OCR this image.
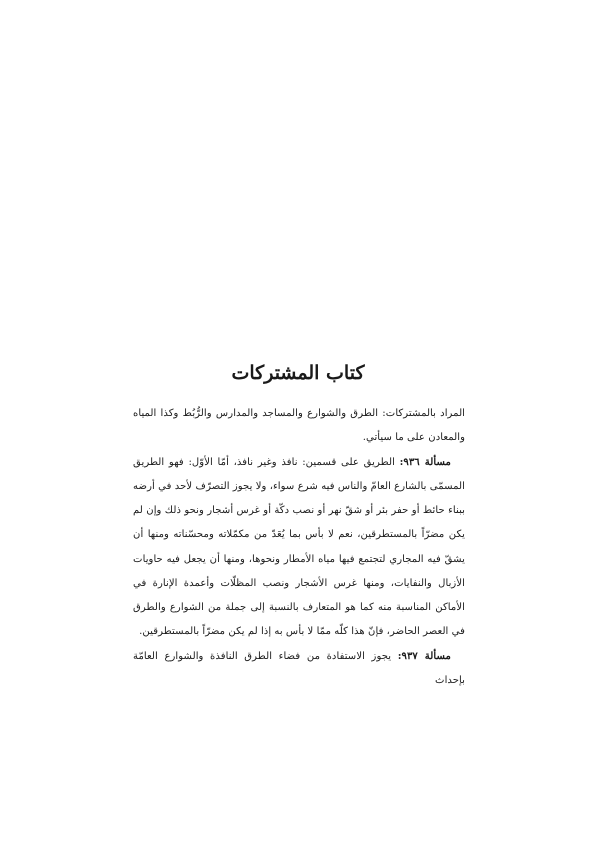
كتاب المشتركات

المراد بالمشتركات: الطرق والشوارع والمساجد والمدارس والرُّبُط وكذا المياه والمعادن على ما سيأتي.

مسألة ٩٣٦: الطريق على قسمين: نافذ وغير نافذ، أمّا الأوّل: فهو الطريق المسمّى بالشارع العامّ والناس فيه شرع سواء، ولا يجوز التصرّف لأحد في أرضه ببناء حائط أو حفر بئر أو شقّ نهر أو نصب دكّة أو غرس أشجار ونحو ذلك وإن لم يكن مضرّاً بالمستطرقين، نعم لا بأس بما يُعَدّ من مكمّلاته ومحسّناته ومنها أن يشقّ فيه المجاري لتجتمع فيها مياه الأمطار ونحوها، ومنها أن يجعل فيه حاويات الأزبال والنفايات، ومنها غرس الأشجار ونصب المظلّات وأعمدة الإنارة في الأماكن المناسبة منه كما هو المتعارف بالنسبة إلى جملة من الشوارع والطرق في العصر الحاضر، فإنّ هذا كلّه ممّا لا بأس به إذا لم يكن مضرّاً بالمستطرقين.

مسألة ٩٣٧: يجوز الاستفادة من فضاء الطرق النافذة والشوارع العامّة بإحداث
